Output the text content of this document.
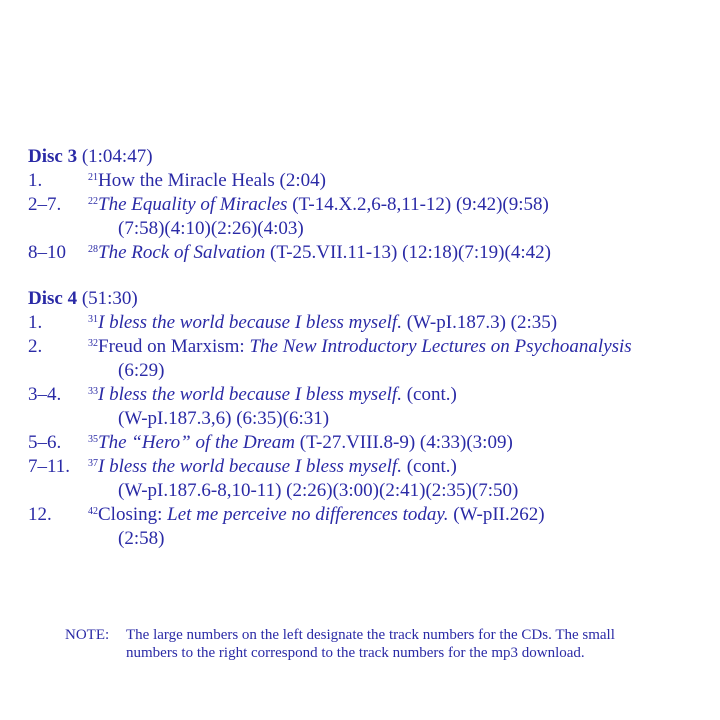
Disc 3 (1:04:47)
1.	$^{21}$How the Miracle Heals (2:04)
2–7.	$^{22}$The Equality of Miracles (T-14.X.2,6-8,11-12) (9:42)(9:58)
(7:58)(4:10)(2:26)(4:03)
8–10 $^{28}$The Rock of Salvation (T-25.VII.11-13) (12:18)(7:19)(4:42)
Disc 4 (51:30)
1.	$^{31}$I bless the world because I bless myself. (W-pI.187.3) (2:35)
2.	$^{32}$Freud on Marxism: The New Introductory Lectures on Psychoanalysis
(6:29)
3–4.	$^{33}$I bless the world because I bless myself. (cont.)
(W-pI.187.3,6) (6:35)(6:31)
5–6.	$^{35}$The “Hero” of the Dream (T-27.VIII.8-9) (4:33)(3:09)
7–11. $^{37}$I bless the world because I bless myself. (cont.)
(W-pI.187.6-8,10-11) (2:26)(3:00)(2:41)(2:35)(7:50)
12.	$^{42}$Closing: Let me perceive no differences today. (W-pII.262)
(2:58)
NOTE: The large numbers on the left designate the track numbers for the CDs. The small
numbers to the right correspond to the track numbers for the mp3 download.
